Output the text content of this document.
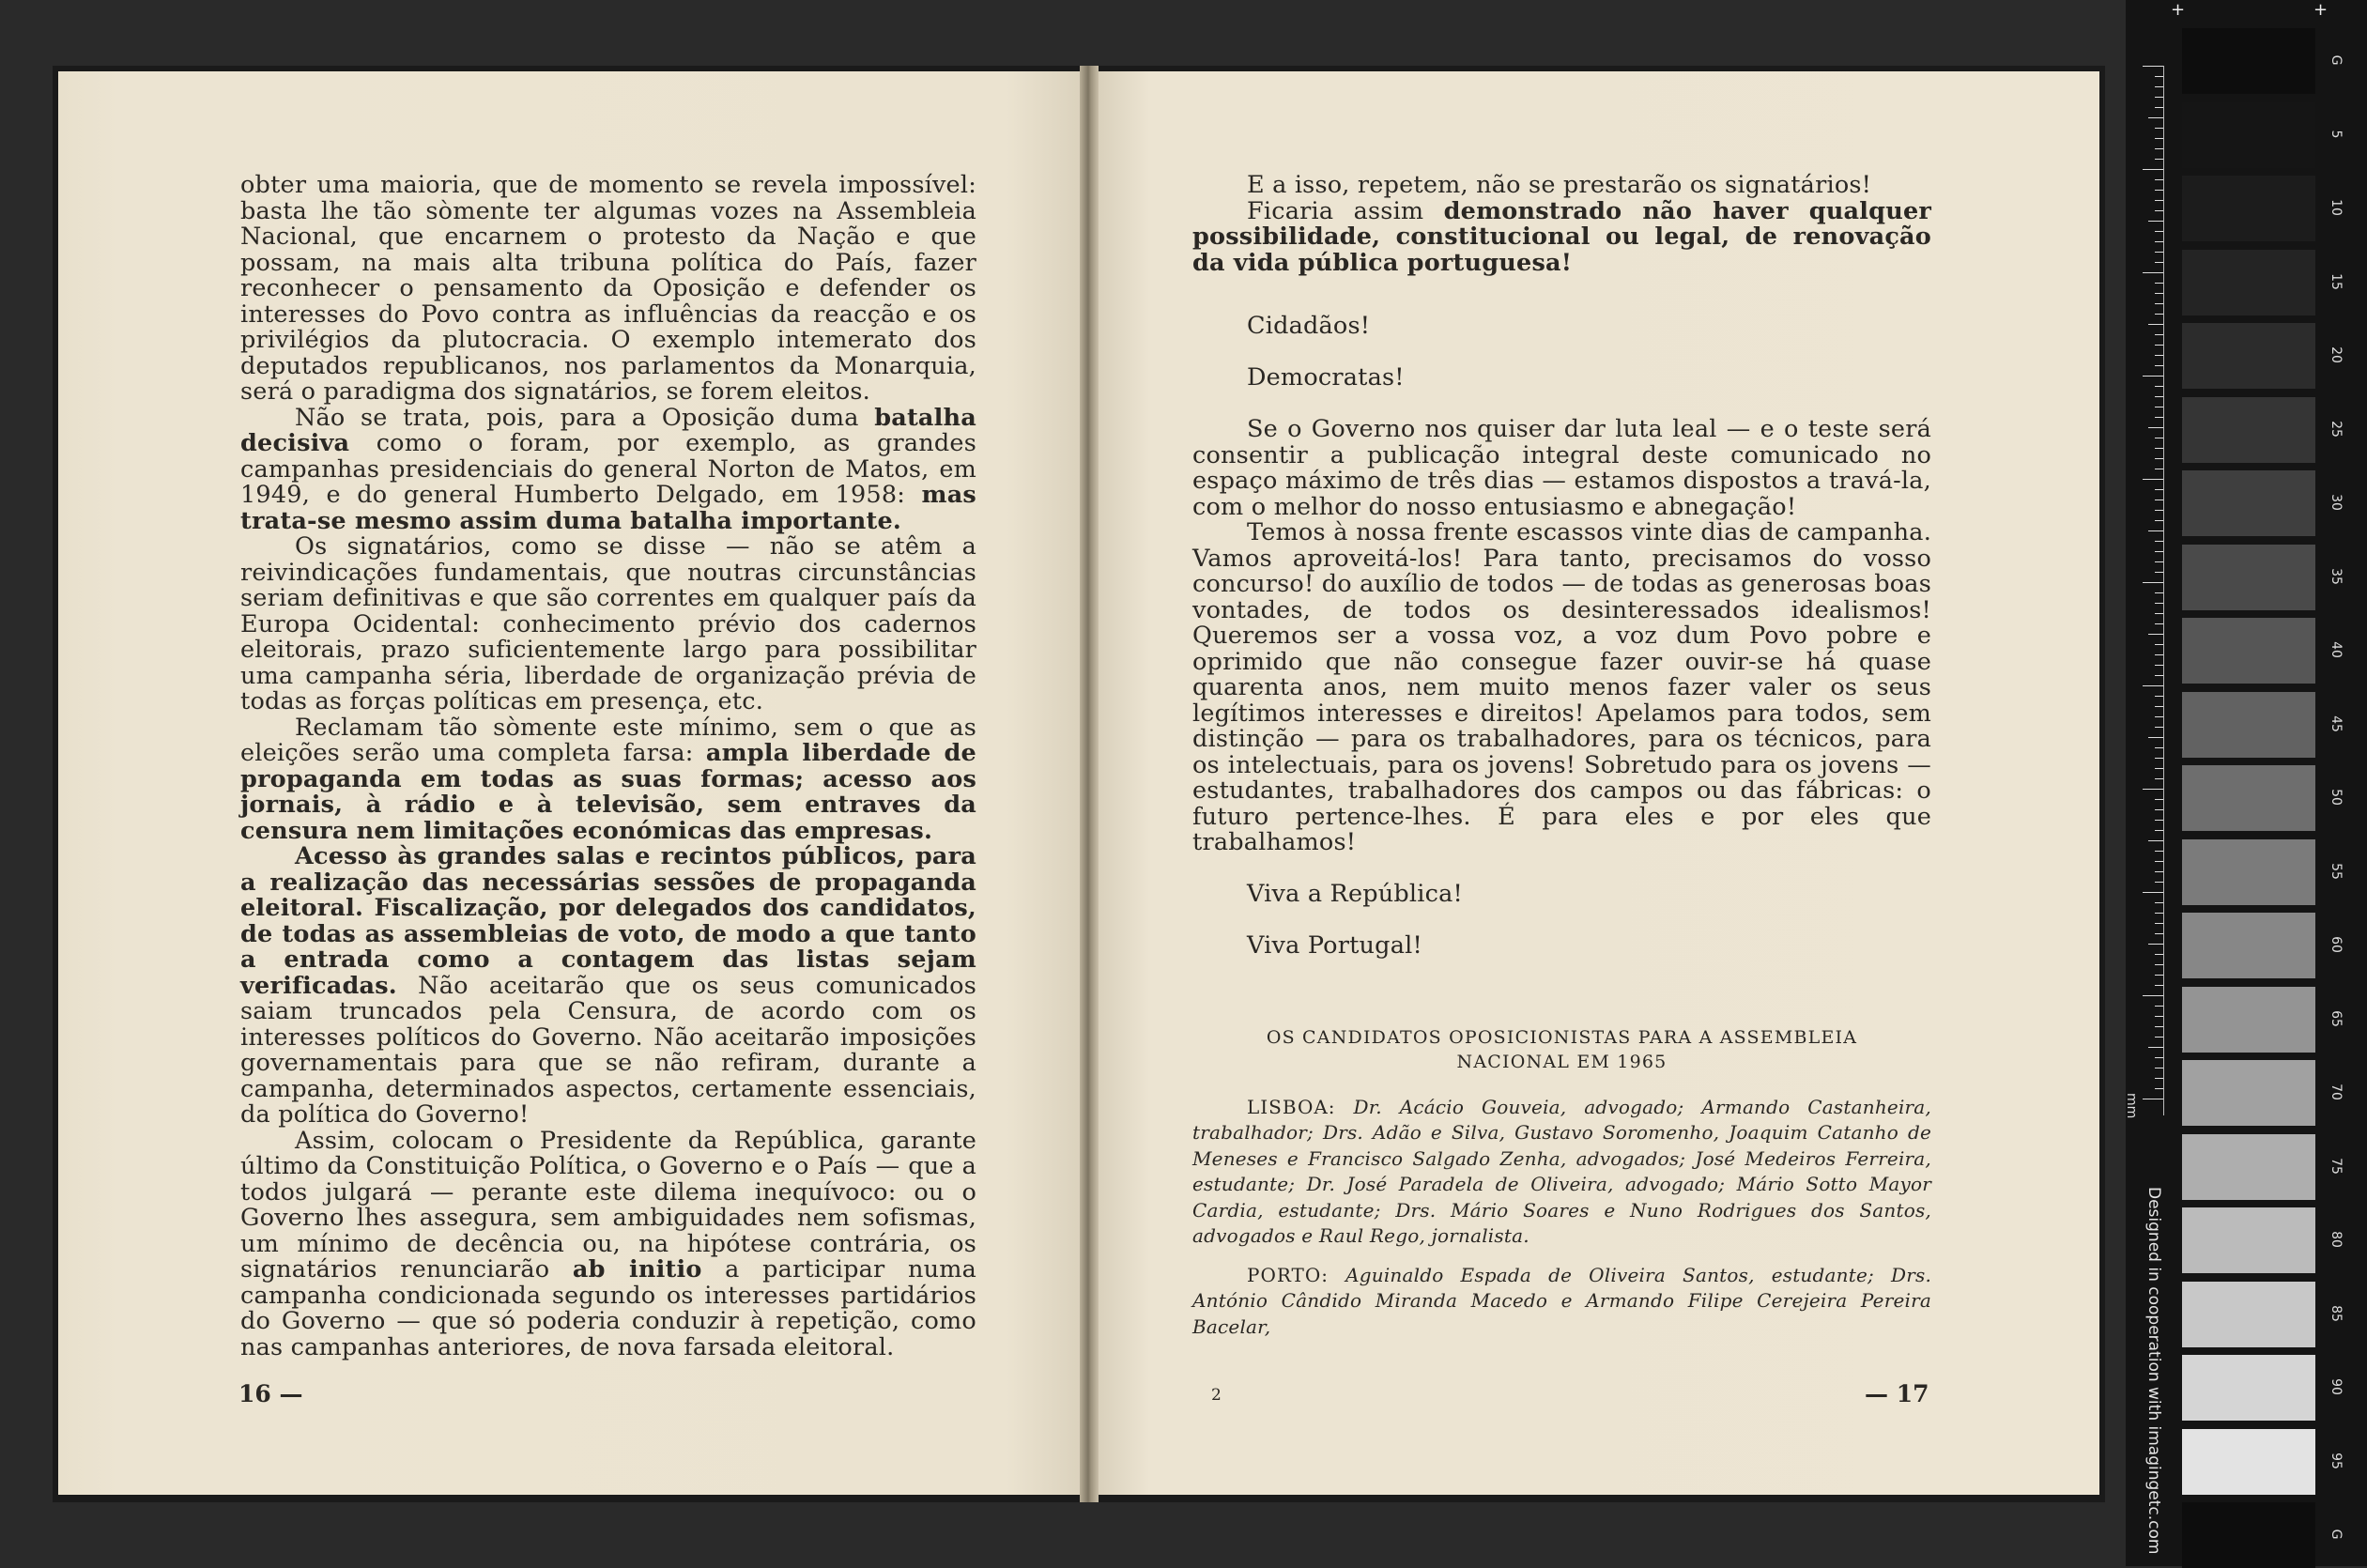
obter uma maioria, que de momento se revela impossível: basta lhe tão sòmente ter algumas vozes na Assembleia Nacional, que encarnem o protesto da Nação e que possam, na mais alta tribuna política do País, fazer reconhecer o pensamento da Oposição e defender os interesses do Povo contra as influências da reacção e os privilégios da plutocracia. O exemplo intemerato dos deputados republicanos, nos parlamentos da Monarquia, será o paradigma dos signatários, se forem eleitos.

Não se trata, pois, para a Oposição duma batalha decisiva como o foram, por exemplo, as grandes campanhas presidenciais do general Norton de Matos, em 1949, e do general Humberto Delgado, em 1958: mas trata-se mesmo assim duma batalha importante.

Os signatários, como se disse — não se atêm a reivindicações fundamentais, que noutras circunstâncias seriam definitivas e que são correntes em qualquer país da Europa Ocidental: conhecimento prévio dos cadernos eleitorais, prazo suficientemente largo para possibilitar uma campanha séria, liberdade de organização prévia de todas as forças políticas em presença, etc.

Reclamam tão sòmente este mínimo, sem o que as eleições serão uma completa farsa: ampla liberdade de propaganda em todas as suas formas; acesso aos jornais, à rádio e à televisão, sem entraves da censura nem limitações económicas das empresas.

Acesso às grandes salas e recintos públicos, para a realização das necessárias sessões de propaganda eleitoral. Fiscalização, por delegados dos candidatos, de todas as assembleias de voto, de modo a que tanto a entrada como a contagem das listas sejam verificadas. Não aceitarão que os seus comunicados saiam truncados pela Censura, de acordo com os interesses políticos do Governo. Não aceitarão imposições governamentais para que se não refiram, durante a campanha, determinados aspectos, certamente essenciais, da política do Governo!

Assim, colocam o Presidente da República, garante último da Constituição Política, o Governo e o País — que a todos julgará — perante este dilema inequívoco: ou o Governo lhes assegura, sem ambiguidades nem sofismas, um mínimo de decência ou, na hipótese contrária, os signatários renunciarão ab initio a participar numa campanha condicionada segundo os interesses partidários do Governo — que só poderia conduzir à repetição, como nas campanhas anteriores, de nova farsada eleitoral.

16 —

E a isso, repetem, não se prestarão os signatários!

Ficaria assim demonstrado não haver qualquer possibilidade, constitucional ou legal, de renovação da vida pública portuguesa!

Cidadãos!

Democratas!

Se o Governo nos quiser dar luta leal — e o teste será consentir a publicação integral deste comunicado no espaço máximo de três dias — estamos dispostos a travá-la, com o melhor do nosso entusiasmo e abnegação!

Temos à nossa frente escassos vinte dias de campanha. Vamos aproveitá-los! Para tanto, precisamos do vosso concurso! do auxílio de todos — de todas as generosas boas vontades, de todos os desinteressados idealismos! Queremos ser a vossa voz, a voz dum Povo pobre e oprimido que não consegue fazer ouvir-se há quase quarenta anos, nem muito menos fazer valer os seus legítimos interesses e direitos! Apelamos para todos, sem distinção — para os trabalhadores, para os técnicos, para os intelectuais, para os jovens! Sobretudo para os jovens — estudantes, trabalhadores dos campos ou das fábricas: o futuro pertence-lhes. É para eles e por eles que trabalhamos!

Viva a República!

Viva Portugal!

OS CANDIDATOS OPOSICIONISTAS PARA A ASSEMBLEIA NACIONAL EM 1965

LISBOA: Dr. Acácio Gouveia, advogado; Armando Castanheira, trabalhador; Drs. Adão e Silva, Gustavo Soromenho, Joaquim Catanho de Meneses e Francisco Salgado Zenha, advogados; José Medeiros Ferreira, estudante; Dr. José Paradela de Oliveira, advogado; Mário Sotto Mayor Cardia, estudante; Drs. Mário Soares e Nuno Rodrigues dos Santos, advogados e Raul Rego, jornalista.

PORTO: Aguinaldo Espada de Oliveira Santos, estudante; Drs. António Cândido Miranda Macedo e Armando Filipe Cerejeira Pereira Bacelar,

2	— 17
+	+
mm
Designed in cooperation with imagingetc.com
G
5
10
15
20
25
30
35
40
45
50
55
60
65
70
75
80
85
90
95
G
